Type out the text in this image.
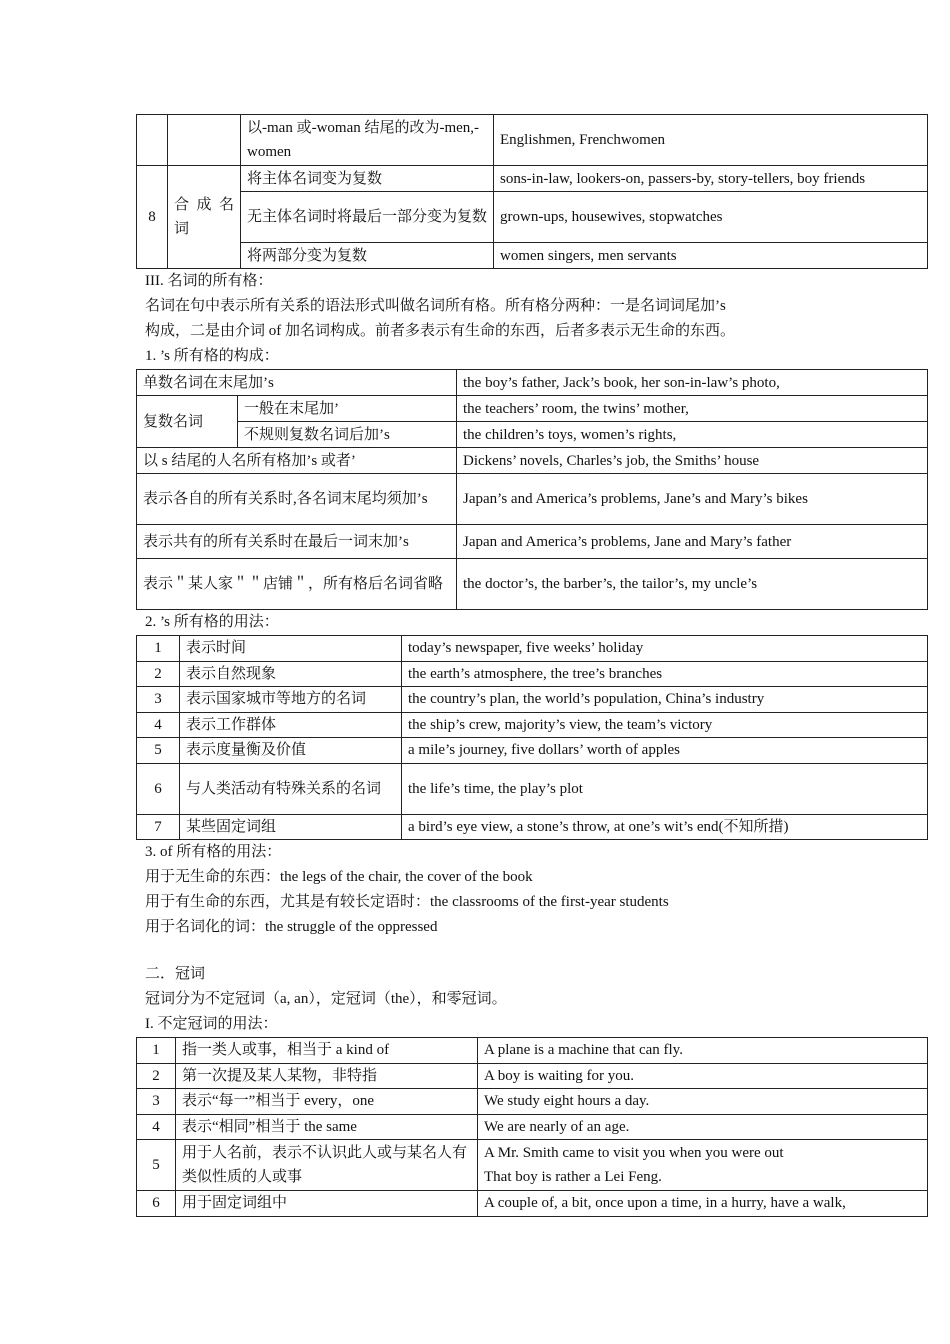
		以-man 或-woman 结尾的改为-men,-women	Englishmen, Frenchwomen
8	合 成 名词	将主体名词变为复数	sons-in-law, lookers-on, passers-by, story-tellers, boy friends
		无主体名词时将最后一部分变为复数	grown-ups, housewives, stopwatches
		将两部分变为复数	women singers, men servants
III. 名词的所有格：
名词在句中表示所有关系的语法形式叫做名词所有格。所有格分两种：一是名词词尾加’s
构成，二是由介词 of 加名词构成。前者多表示有生命的东西，后者多表示无生命的东西。
1. ’s 所有格的构成：
单数名词在末尾加’s		the boy’s father, Jack’s book, her son-in-law’s photo,
复数名词	一般在末尾加’	the teachers’ room, the twins’ mother,
	不规则复数名词后加’s	the children’s toys, women’s rights,
以 s 结尾的人名所有格加’s 或者’		Dickens’ novels, Charles’s job, the Smiths’ house
表示各自的所有关系时,各名词末尾均须加’s		Japan’s and America’s problems, Jane’s and Mary’s bikes
表示共有的所有关系时在最后一词末加’s		Japan and America’s problems, Jane and Mary’s father
表示＂某人家＂＂店铺＂，所有格后名词省略		the doctor’s, the barber’s, the tailor’s, my uncle’s
2. ’s 所有格的用法：
1	表示时间	today’s newspaper, five weeks’ holiday
2	表示自然现象	the earth’s atmosphere, the tree’s branches
3	表示国家城市等地方的名词	the country’s plan, the world’s population, China’s industry
4	表示工作群体	the ship’s crew, majority’s view, the team’s victory
5	表示度量衡及价值	a mile’s journey, five dollars’ worth of apples
6	与人类活动有特殊关系的名词	the life’s time, the play’s plot
7	某些固定词组	a bird’s eye view, a stone’s throw, at one’s wit’s end(不知所措)
3. of 所有格的用法：
用于无生命的东西：the legs of the chair, the cover of the book
用于有生命的东西，尤其是有较长定语时：the classrooms of the first-year students
用于名词化的词：the struggle of the oppressed
二．冠词
冠词分为不定冠词（a, an），定冠词（the），和零冠词。
I. 不定冠词的用法：
1	指一类人或事，相当于 a kind of	A plane is a machine that can fly.
2	第一次提及某人某物，非特指	A boy is waiting for you.
3	表示“每一”相当于 every，one	We study eight hours a day.
4	表示“相同”相当于 the same	We are nearly of an age.
5	用于人名前，表示不认识此人或与某名人有类似性质的人或事	A Mr. Smith came to visit you when you were out
That boy is rather a Lei Feng.

6	用于固定词组中	A couple of, a bit, once upon a time, in a hurry, have a walk,
